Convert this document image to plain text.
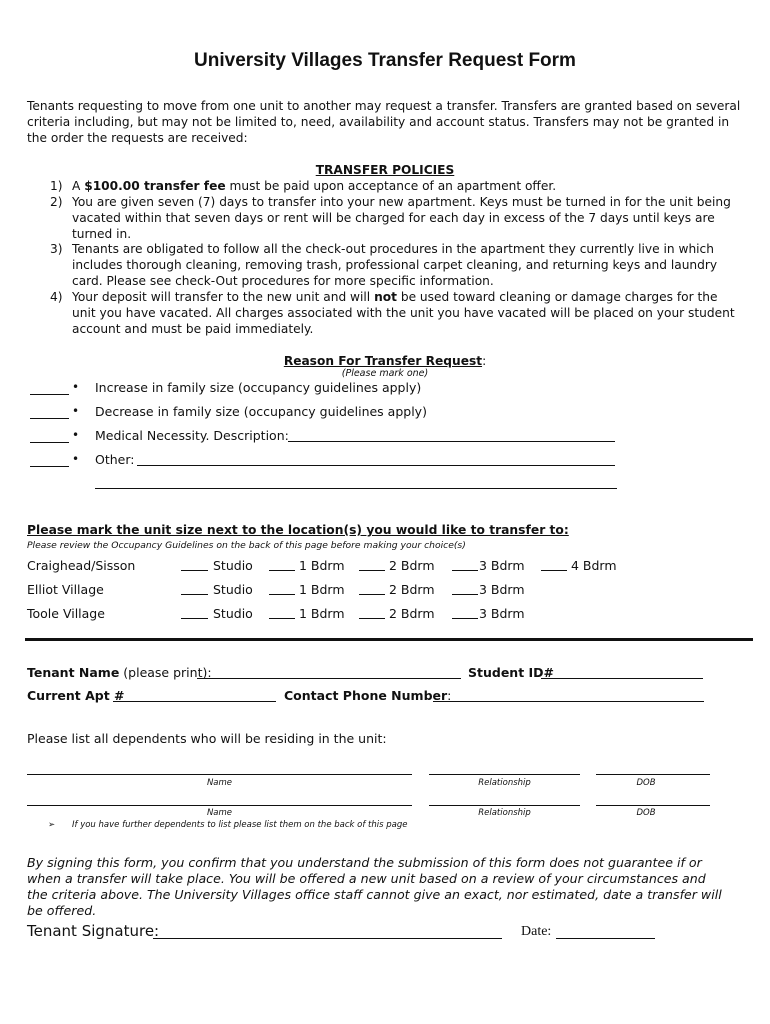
University Villages Transfer Request Form
Tenants requesting to move from one unit to another may request a transfer. Transfers are granted based on several criteria including, but may not be limited to, need, availability and account status. Transfers may not be granted in the order the requests are received:
TRANSFER POLICIES
1) A $100.00 transfer fee must be paid upon acceptance of an apartment offer.
2) You are given seven (7) days to transfer into your new apartment. Keys must be turned in for the unit being vacated within that seven days or rent will be charged for each day in excess of the 7 days until keys are turned in.
3) Tenants are obligated to follow all the check-out procedures in the apartment they currently live in which includes thorough cleaning, removing trash, professional carpet cleaning, and returning keys and laundry card. Please see check-Out procedures for more specific information.
4) Your deposit will transfer to the new unit and will not be used toward cleaning or damage charges for the unit you have vacated. All charges associated with the unit you have vacated will be placed on your student account and must be paid immediately.
Reason For Transfer Request:
(Please mark one)
• Increase in family size (occupancy guidelines apply)
• Decrease in family size (occupancy guidelines apply)
• Medical Necessity. Description:
• Other:
Please mark the unit size next to the location(s) you would like to transfer to:
Please review the Occupancy Guidelines on the back of this page before making your choice(s)
Craighead/Sisson	Studio	1 Bdrm	2 Bdrm	3 Bdrm	4 Bdrm
Elliot Village	Studio	1 Bdrm	2 Bdrm	3 Bdrm
Toole Village	Studio	1 Bdrm	2 Bdrm	3 Bdrm
Tenant Name (please print):	Student ID#
Current Apt #	Contact Phone Number:
Please list all dependents who will be residing in the unit:
Name	Relationship	DOB
Name	Relationship	DOB
➢ If you have further dependents to list please list them on the back of this page
By signing this form, you confirm that you understand the submission of this form does not guarantee if or when a transfer will take place. You will be offered a new unit based on a review of your circumstances and the criteria above. The University Villages office staff cannot give an exact, nor estimated, date a transfer will be offered.
Tenant Signature:	Date:
